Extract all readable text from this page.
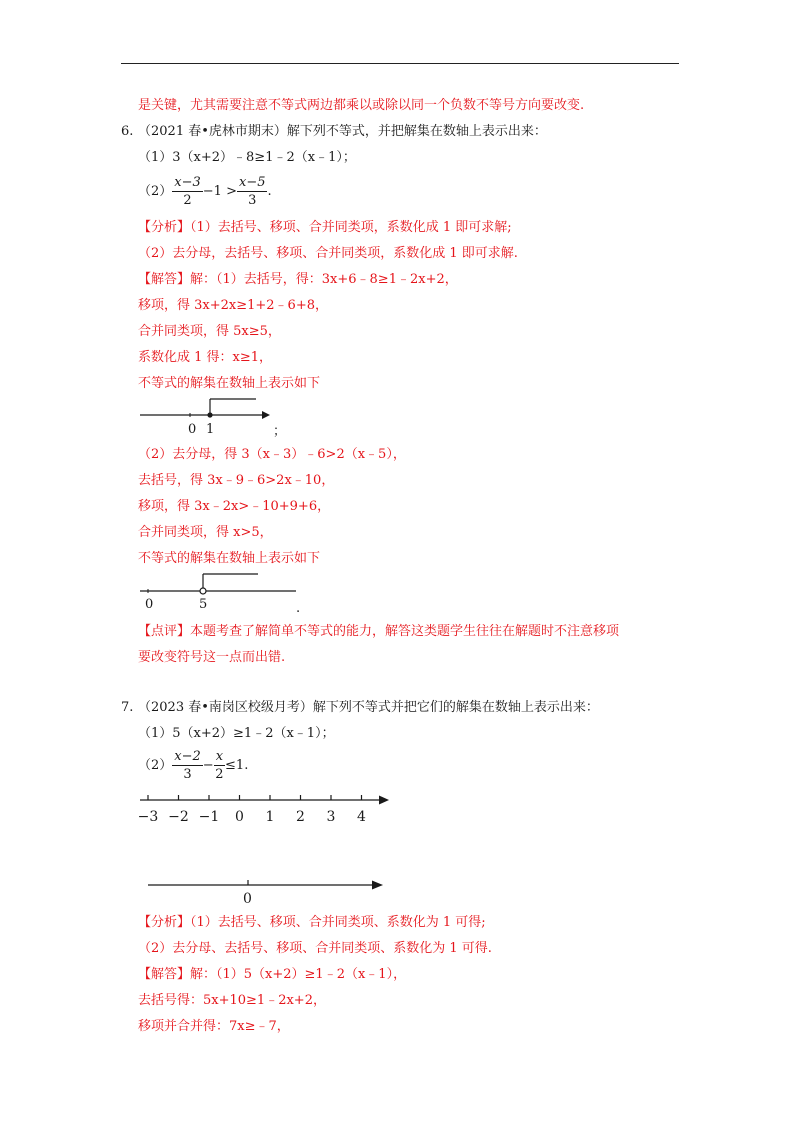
是关键，尤其需要注意不等式两边都乘以或除以同一个负数不等号方向要改变.
6. （2021 春•虎林市期末）解下列不等式，并把解集在数轴上表示出来：
（1）3（x+2）﹣8≥1﹣2（x﹣1）；
$(2) \frac{x-3}{2} -1 > \frac{x-5}{3}$ .
【分析】（1）去括号、移项、合并同类项，系数化成 1 即可求解;
（2）去分母，去括号、移项、合并同类项，系数化成 1 即可求解.
【解答】解：（1）去括号，得：3x+6﹣8≥1﹣2x+2，
移项，得 3x+2x≥1+2﹣6+8，
合并同类项，得 5x≥5，
系数化成 1 得：x≥1，
不等式的解集在数轴上表示如下
0 1	；
（2）去分母，得 3（x﹣3）﹣6>2（x﹣5），
去括号，得 3x﹣9﹣6>2x﹣10，
移项，得 3x﹣2x>﹣10+9+6，
合并同类项，得 x>5，
不等式的解集在数轴上表示如下
0	5	.
【点评】本题考查了解简单不等式的能力，解答这类题学生往往在解题时不注意移项
要改变符号这一点而出错.
7. （2023 春•南岗区校级月考）解下列不等式并把它们的解集在数轴上表示出来：
（1）5（x+2）≥1﹣2（x﹣1）；
$(2) \frac{x-2}{3} - \frac{x}{2} \le 1$.
−3 −2 −1 0 1 2 3 4
0
【分析】（1）去括号、移项、合并同类项、系数化为 1 可得;
（2）去分母、去括号、移项、合并同类项、系数化为 1 可得.
【解答】解：（1）5（x+2）≥1﹣2（x﹣1），
去括号得：5x+10≥1﹣2x+2，
移项并合并得：7x≥﹣7，
